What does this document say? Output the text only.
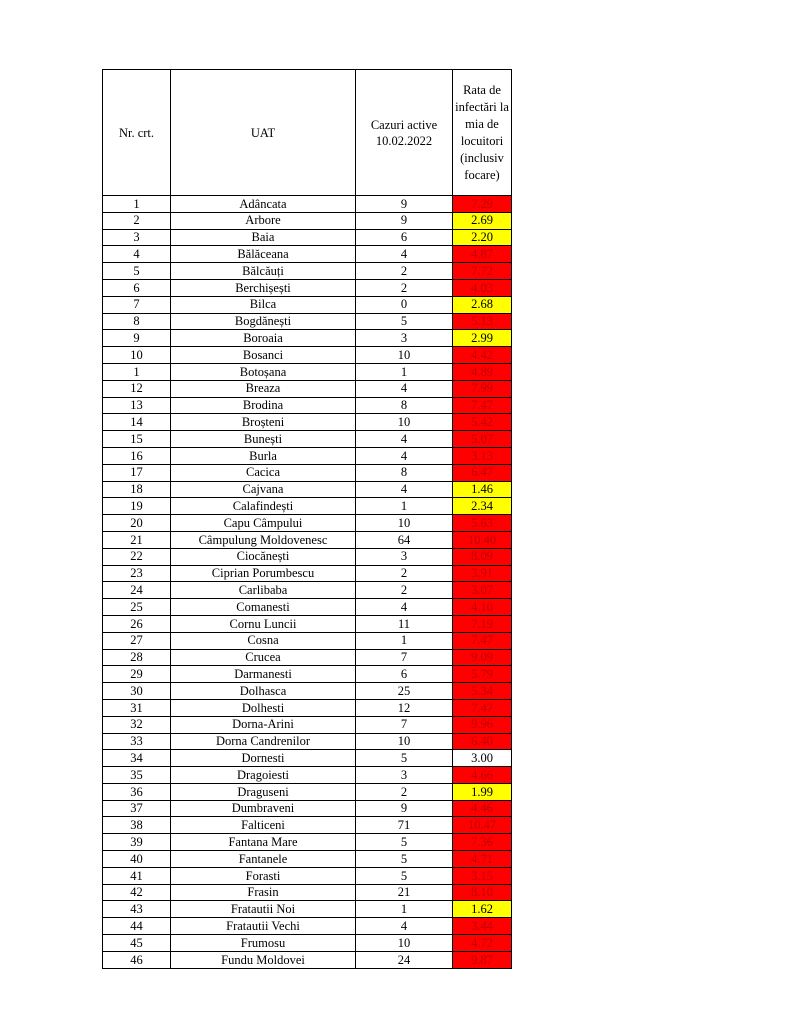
Nr. crt.	UAT	Cazuri active 10.02.2022	Rata de infectări la mia de locuitori (inclusiv focare)
1	Adâncata	9	7.29
2	Arbore	9	2.69
3	Baia	6	2.20
4	Bălăceana	4	4.87
5	Bălcăuți	2	7.72
6	Berchișești	2	4.03
7	Bilca	0	2.68
8	Bogdănești	5	5.13
9	Boroaia	3	2.99
10	Bosanci	10	4.42
1	Botoșana	1	4.89
12	Breaza	4	7.99
13	Brodina	8	7.47
14	Broșteni	10	5.42
15	Bunești	4	5.07
16	Burla	4	3.13
17	Cacica	8	6.47
18	Cajvana	4	1.46
19	Calafindești	1	2.34
20	Capu Câmpului	10	5.63
21	Câmpulung Moldovenesc	64	10.40
22	Ciocănești	3	8.09
23	Ciprian Porumbescu	2	3.91
24	Carlibaba	2	3.07
25	Comanesti	4	4.10
26	Cornu Luncii	11	7.19
27	Cosna	1	7.47
28	Crucea	7	9.09
29	Darmanesti	6	5.79
30	Dolhasca	25	5.34
31	Dolhesti	12	7.47
32	Dorna-Arini	7	9.96
33	Dorna Candrenilor	10	6.40
34	Dornesti	5	3.00
35	Dragoiesti	3	4.66
36	Draguseni	2	1.99
37	Dumbraveni	9	4.46
38	Falticeni	71	10.47
39	Fantana Mare	5	7.36
40	Fantanele	5	4.71
41	Forasti	5	3.15
42	Frasin	21	8.10
43	Fratautii Noi	1	1.62
44	Fratautii Vechi	4	3.44
45	Frumosu	10	4.72
46	Fundu Moldovei	24	9.87
